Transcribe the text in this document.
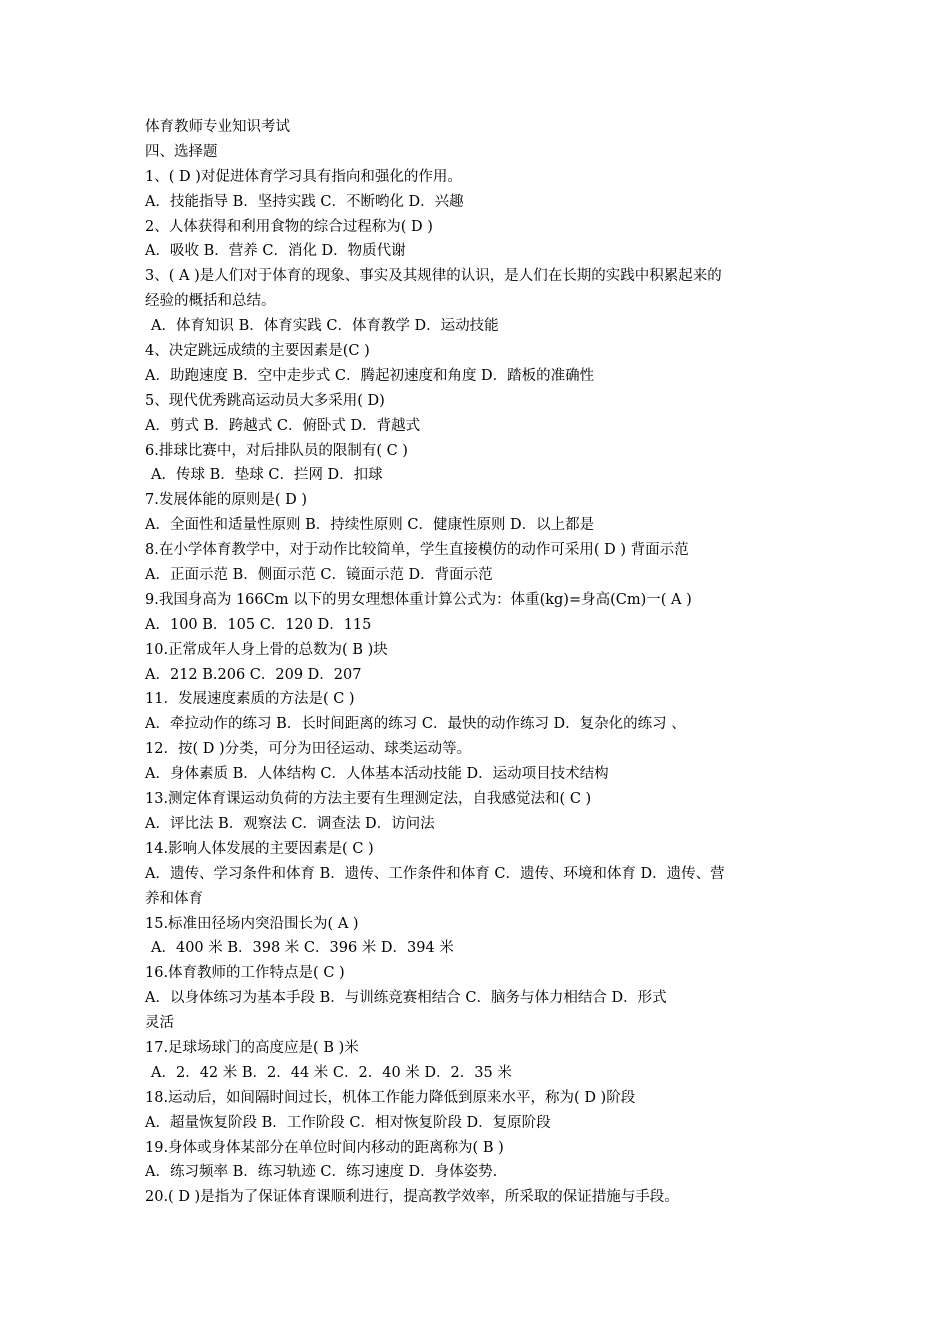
体育教师专业知识考试
四、选择题
1、( D )对促进体育学习具有指向和强化的作用。
A．技能指导 B．坚持实践 C．不断哟化 D．兴趣
2、人体获得和利用食物的综合过程称为( D )
A．吸收 B．营养 C．消化 D．物质代谢
3、( A )是人们对于体育的现象、事实及其规律的认识，是人们在长期的实践中积累起来的
经验的概括和总结。
A．体育知识 B．体育实践 C．体育教学 D．运动技能
4、决定跳远成绩的主要因素是(C )
A．助跑速度 B．空中走步式 C．腾起初速度和角度 D．踏板的准确性
5、现代优秀跳高运动员大多采用( D)
A．剪式 B．跨越式 C．俯卧式 D．背越式
6.排球比赛中，对后排队员的限制有( C )
A．传球 B．垫球 C．拦网 D．扣球
7.发展体能的原则是( D )
A．全面性和适量性原则 B．持续性原则 C．健康性原则 D．以上都是
8.在小学体育教学中，对于动作比较简单，学生直接模仿的动作可采用( D ) 背面示范
A．正面示范 B．侧面示范 C．镜面示范 D．背面示范
9.我国身高为 166Cm 以下的男女理想体重计算公式为：体重(kg)=身高(Cm)一( A )
A．100 B．105 C．120 D．115
10.正常成年人身上骨的总数为( B )块
A．212 B.206 C．209 D．207
11．发展速度素质的方法是( C )
A．牵拉动作的练习 B．长时间距离的练习 C．最快的动作练习 D．复杂化的练习 、
12．按( D )分类，可分为田径运动、球类运动等。
A．身体素质 B．人体结构 C．人体基本活动技能 D．运动项目技术结构
13.测定体育课运动负荷的方法主要有生理测定法，自我感觉法和( C )
A．评比法 B．观察法 C．调查法 D．访问法
14.影响人体发展的主要因素是( C )
A．遗传、学习条件和体育 B．遗传、工作条件和体育 C．遗传、环境和体育 D．遗传、营
养和体育
15.标准田径场内突沿围长为( A )
A．400 米 B．398 米 C．396 米 D．394 米
16.体育教师的工作特点是( C )
A．以身体练习为基本手段 B．与训练竞赛相结合 C．脑务与体力相结合 D．形式
灵活
17.足球场球门的高度应是( B )米
A．2．42 米 B．2．44 米 C．2．40 米 D．2．35 米
18.运动后，如间隔时间过长，机体工作能力降低到原来水平，称为( D )阶段
A．超量恢复阶段 B．工作阶段 C．相对恢复阶段 D．复原阶段
19.身体或身体某部分在单位时间内移动的距离称为( B )
A．练习频率 B．练习轨迹 C．练习速度 D．身体姿势.
20.( D )是指为了保证体育课顺利进行，提高教学效率，所采取的保证措施与手段。
